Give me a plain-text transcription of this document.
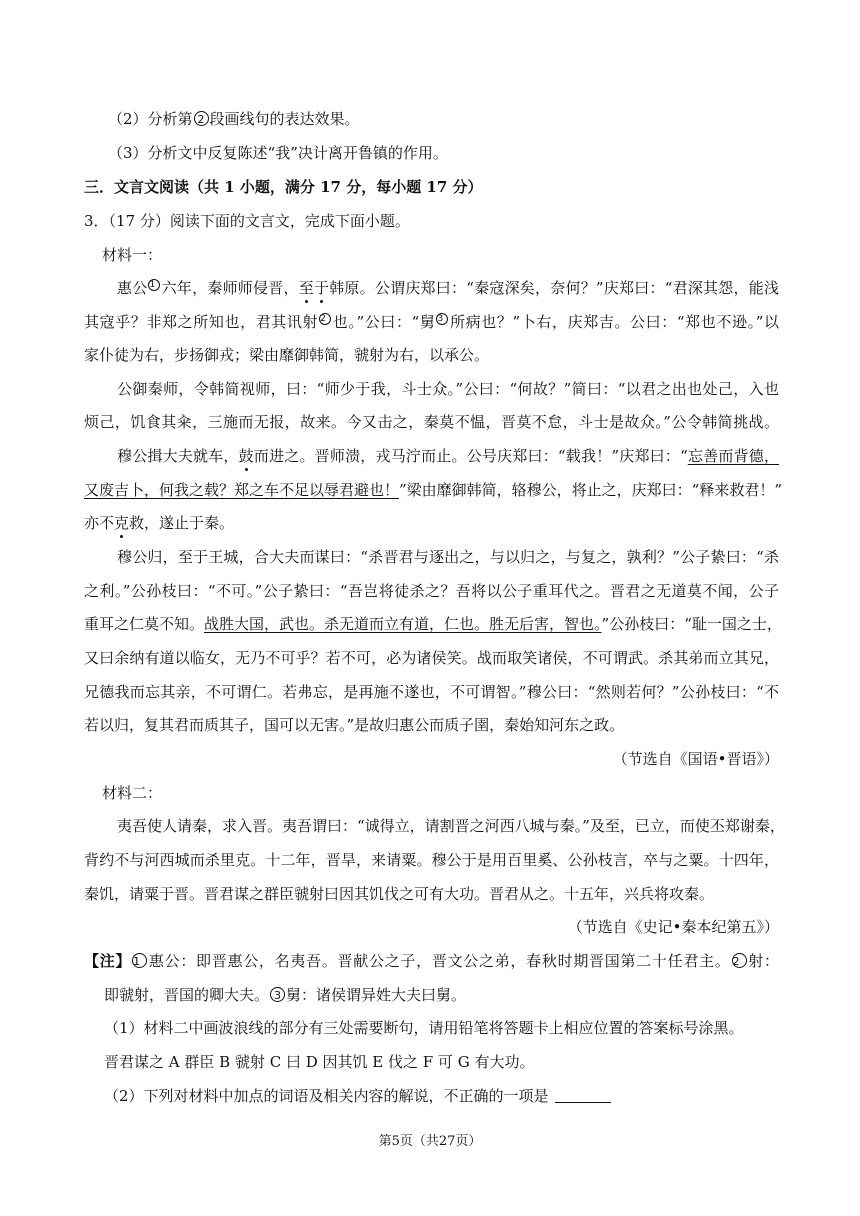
（2）分析第 2 段画线句的表达效果。
（3）分析文中反复陈述“我”决计离开鲁镇的作用。
三．文言文阅读（共 1 小题，满分 17 分，每小题 17 分）
3．（17 分）阅读下面的文言文，完成下面小题。
材料一：
惠公 $^1$ 六年，秦师师侵晋，至于韩原。公谓庆郑曰：“秦寇深矣，奈何？”庆郑曰：“君深其怨，能浅
其寇乎？非郑之所知也，君其讯射 $^2$ 也。”公曰：“舅 $^3$ 所病也？”卜右，庆郑吉。公曰：“郑也不逊。”以
家仆徒为右，步扬御戎；梁由靡御韩简，虢射为右，以承公。
公御秦师，令韩简视师，曰：“师少于我，斗士众。”公曰：“何故？”简曰：“以君之出也处己，入也
烦己，饥食其籴，三施而无报，故来。今又击之，秦莫不愠，晋莫不怠，斗士是故众。”公令韩简挑战。
穆公揖大夫就车，鼓而进之。晋师溃，戎马泞而止。公号庆郑曰：“载我！”庆郑曰：“忘善而背德，
又废吉卜，何我之载？郑之车不足以辱君避也！”梁由靡御韩简，辂穆公，将止之，庆郑曰：“释来救君！”
亦不克救，遂止于秦。
穆公归，至于王城，合大夫而谋曰：“杀晋君与逐出之，与以归之，与复之，孰利？”公子絷曰：“杀
之利。”公孙枝曰：“不可。”公子絷曰：“吾岂将徒杀之？吾将以公子重耳代之。晋君之无道莫不闻，公子
重耳之仁莫不知。战胜大国，武也。杀无道而立有道，仁也。胜无后害，智也。”公孙枝曰：“耻一国之士，
又曰余纳有道以临女，无乃不可乎？若不可，必为诸侯笑。战而取笑诸侯，不可谓武。杀其弟而立其兄，
兄德我而忘其亲，不可谓仁。若弗忘，是再施不遂也，不可谓智。”穆公曰：“然则若何？”公孙枝曰：“不
若以归，复其君而质其子，国可以无害。”是故归惠公而质子圉，秦始知河东之政。
（节选自《国语•晋语》）
材料二：
夷吾使人请秦，求入晋。夷吾谓曰：“诚得立，请割晋之河西八城与秦。”及至，已立，而使丕郑谢秦，
背约不与河西城而杀里克。十二年，晋旱，来请粟。穆公于是用百里奚、公孙枝言，卒与之粟。十四年，
秦饥，请粟于晋。晋君谋之群臣虢射曰因其饥伐之可有大功。晋君从之。十五年，兴兵将攻秦。
（节选自《史记•秦本纪第五》）
【注】 1 惠公：即晋惠公，名夷吾。晋献公之子，晋文公之弟，春秋时期晋国第二十任君主。 2 射：
即虢射，晋国的卿大夫。 3 舅：诸侯谓异姓大夫曰舅。
（1）材料二中画波浪线的部分有三处需要断句，请用铅笔将答题卡上相应位置的答案标号涂黑。
晋君谋之 A 群臣 B 虢射 C 曰 D 因其饥 E 伐之 F 可 G 有大功。
（2）下列对材料中加点的词语及相关内容的解说，不正确的一项是
第5页（共27页）
